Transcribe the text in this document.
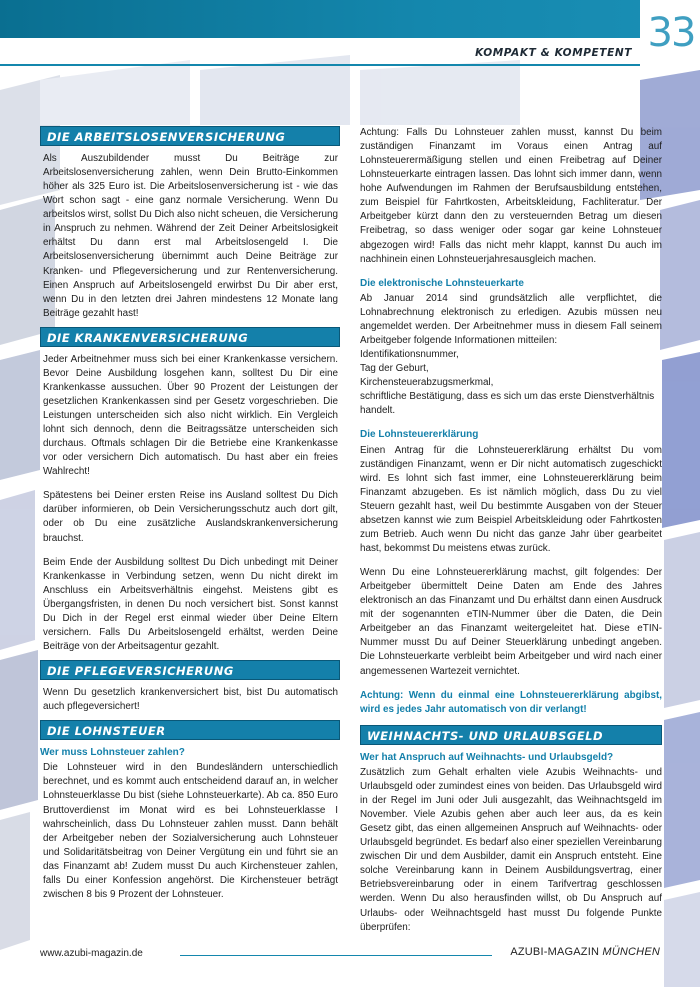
KOMPAKT & KOMPETENT 33
DIE ARBEITSLOSENVERSICHERUNG

Als Auszubildender musst Du Beiträge zur Arbeitslosenversicherung zahlen, wenn Dein Brutto-Einkommen höher als 325 Euro ist. Die Arbeitslosenversicherung ist - wie das Wort schon sagt - eine ganz normale Versicherung. Wenn Du arbeitslos wirst, sollst Du Dich also nicht scheuen, die Versicherung in Anspruch zu nehmen. Während der Zeit Deiner Arbeitslosigkeit erhältst Du dann erst mal Arbeitslosengeld I. Die Arbeitslosenversicherung übernimmt auch Deine Beiträge zur Kranken- und Pflegeversicherung und zur Rentenversicherung. Einen Anspruch auf Arbeitslosengeld erwirbst Du Dir aber erst, wenn Du in den letzten drei Jahren mindestens 12 Monate lang Beiträge gezahlt hast!

DIE KRANKENVERSICHERUNG

Jeder Arbeitnehmer muss sich bei einer Krankenkasse versichern. Bevor Deine Ausbildung losgehen kann, solltest Du Dir eine Krankenkasse aussuchen. Über 90 Prozent der Leistungen der gesetzlichen Krankenkassen sind per Gesetz vorgeschrieben. Die Leistungen unterscheiden sich also nicht wirklich. Ein Vergleich lohnt sich dennoch, denn die Beitragssätze unterscheiden sich durchaus. Oftmals schlagen Dir die Betriebe eine Krankenkasse vor oder versichern Dich automatisch. Du hast aber ein freies Wahlrecht!

Spätestens bei Deiner ersten Reise ins Ausland solltest Du Dich darüber informieren, ob Dein Versicherungsschutz auch dort gilt, oder ob Du eine zusätzliche Auslandskrankenversicherung brauchst.

Beim Ende der Ausbildung solltest Du Dich unbedingt mit Deiner Krankenkasse in Verbindung setzen, wenn Du nicht direkt im Anschluss ein Arbeitsverhältnis eingehst. Meistens gibt es Übergangsfristen, in denen Du noch versichert bist. Sonst kannst Du Dich in der Regel erst einmal wieder über Deine Eltern versichern. Falls Du Arbeitslosengeld erhältst, werden Deine Beiträge von der Arbeitsagentur gezahlt.

DIE PFLEGEVERSICHERUNG

Wenn Du gesetzlich krankenversichert bist, bist Du automatisch auch pflegeversichert!

DIE LOHNSTEUER
Wer muss Lohnsteuer zahlen?

Die Lohnsteuer wird in den Bundesländern unterschiedlich berechnet, und es kommt auch entscheidend darauf an, in welcher Lohnsteuerklasse Du bist (siehe Lohnsteuerkarte). Ab ca. 850 Euro Bruttoverdienst im Monat wird es bei Lohnsteuerklasse I wahrscheinlich, dass Du Lohnsteuer zahlen musst. Dann behält der Arbeitgeber neben der Sozialversicherung auch Lohnsteuer und Solidaritätsbeitrag von Deiner Vergütung ein und führt sie an das Finanzamt ab! Zudem musst Du auch Kirchensteuer zahlen, falls Du einer Konfession angehörst. Die Kirchensteuer beträgt zwischen 8 bis 9 Prozent der Lohnsteuer.

Achtung: Falls Du Lohnsteuer zahlen musst, kannst Du beim zuständigen Finanzamt im Voraus einen Antrag auf Lohnsteuerermäßigung stellen und einen Freibetrag auf Deiner Lohnsteuerkarte eintragen lassen. Das lohnt sich immer dann, wenn hohe Aufwendungen im Rahmen der Berufsausbildung entstehen, zum Beispiel für Fahrtkosten, Arbeitskleidung, Fachliteratur. Der Arbeitgeber kürzt dann den zu versteuernden Betrag um diesen Freibetrag, so dass weniger oder sogar gar keine Lohnsteuer abgezogen wird! Falls das nicht mehr klappt, kannst Du auch im nachhinein einen Lohnsteuerjahresausgleich machen.

Die elektronische Lohnsteuerkarte

Ab Januar 2014 sind grundsätzlich alle verpflichtet, die Lohnabrechnung elektronisch zu erledigen. Azubis müssen neu angemeldet werden. Der Arbeitnehmer muss in diesem Fall seinem Arbeitgeber folgende Informationen mitteilen:

Identifikationsnummer,
Tag der Geburt,
Kirchensteuerabzugsmerkmal,
schriftliche Bestätigung, dass es sich um das erste Dienstverhältnis handelt.
Die Lohnsteuererklärung

Einen Antrag für die Lohnsteuererklärung erhältst Du vom zuständigen Finanzamt, wenn er Dir nicht automatisch zugeschickt wird. Es lohnt sich fast immer, eine Lohnsteuererklärung beim Finanzamt abzugeben. Es ist nämlich möglich, dass Du zu viel Steuern gezahlt hast, weil Du bestimmte Ausgaben von der Steuer absetzen kannst wie zum Beispiel Arbeitskleidung oder Fahrtkosten zum Betrieb. Auch wenn Du nicht das ganze Jahr über gearbeitet hast, bekommst Du meistens etwas zurück.

Wenn Du eine Lohnsteuererklärung machst, gilt folgendes: Der Arbeitgeber übermittelt Deine Daten am Ende des Jahres elektronisch an das Finanzamt und Du erhältst dann einen Ausdruck mit der sogenannten eTIN-Nummer über die Daten, die Dein Arbeitgeber an das Finanzamt weitergeleitet hat. Diese eTIN-Nummer musst Du auf Deiner Steuerklärung unbedingt angeben. Die Lohnsteuerkarte verbleibt beim Arbeitgeber und wird nach einer angemessenen Wartezeit vernichtet.

Achtung: Wenn du einmal eine Lohnsteuererklärung abgibst, wird es jedes Jahr automatisch von dir verlangt!

WEIHNACHTS- UND URLAUBSGELD
Wer hat Anspruch auf Weihnachts- und Urlaubsgeld?

Zusätzlich zum Gehalt erhalten viele Azubis Weihnachts- und Urlaubsgeld oder zumindest eines von beiden. Das Urlaubsgeld wird in der Regel im Juni oder Juli ausgezahlt, das Weihnachtsgeld im November. Viele Azubis gehen aber auch leer aus, da es kein Gesetz gibt, das einen allgemeinen Anspruch auf Weihnachts- oder Urlaubsgeld begründet. Es bedarf also einer speziellen Vereinbarung zwischen Dir und dem Ausbilder, damit ein Anspruch entsteht. Eine solche Vereinbarung kann in Deinem Ausbildungsvertrag, einer Betriebsvereinbarung oder in einem Tarifvertrag geschlossen werden. Wenn Du also herausfinden willst, ob Du Anspruch auf Urlaubs- oder Weihnachtsgeld hast musst Du folgende Punkte überprüfen:

www.azubi-magazin.de	AZUBI-MAGAZIN MÜNCHEN
